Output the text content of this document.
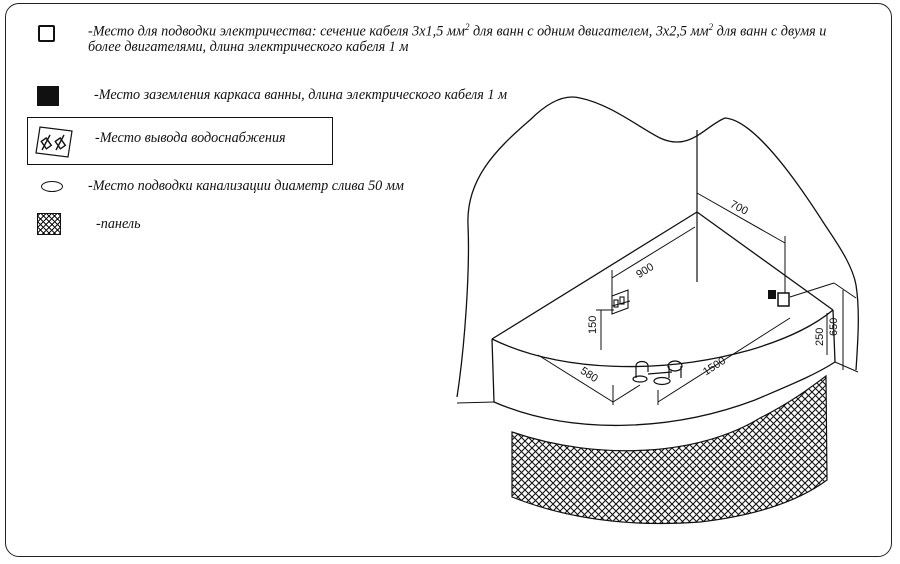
-Место для подводки электричества: сечение кабеля 3х1,5 $мм^2$ для ванн с одним двигателем, 3х2,5 $мм^2$ для ванн с двумя и
более двигателями, длина электрического кабеля 1 м
-Место заземления каркаса ванны, длина электрического кабеля 1 м
-Место вывода водоснабжения
-Место подводки канализации диаметр слива 50 мм
-панель
700
900
150
250
650
580	1500
